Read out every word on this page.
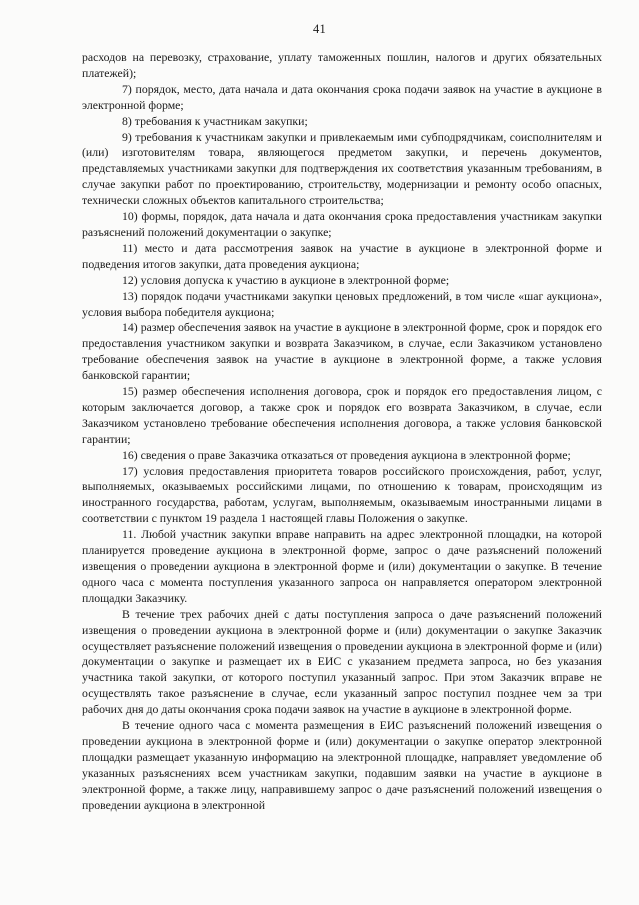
41

расходов на перевозку, страхование, уплату таможенных пошлин, налогов и других обязательных платежей);

7) порядок, место, дата начала и дата окончания срока подачи заявок на участие в аукционе в электронной форме;

8) требования к участникам закупки;

9) требования к участникам закупки и привлекаемым ими субподрядчикам, соисполнителям и (или) изготовителям товара, являющегося предметом закупки, и перечень документов, представляемых участниками закупки для подтверждения их соответствия указанным требованиям, в случае закупки работ по проектированию, строительству, модернизации и ремонту особо опасных, технически сложных объектов капитального строительства;

10) формы, порядок, дата начала и дата окончания срока предоставления участникам закупки разъяснений положений документации о закупке;

11) место и дата рассмотрения заявок на участие в аукционе в электронной форме и подведения итогов закупки, дата проведения аукциона;

12) условия допуска к участию в аукционе в электронной форме;

13) порядок подачи участниками закупки ценовых предложений, в том числе «шаг аукциона», условия выбора победителя аукциона;

14) размер обеспечения заявок на участие в аукционе в электронной форме, срок и порядок его предоставления участником закупки и возврата Заказчиком, в случае, если Заказчиком установлено требование обеспечения заявок на участие в аукционе в электронной форме, а также условия банковской гарантии;

15) размер обеспечения исполнения договора, срок и порядок его предоставления лицом, с которым заключается договор, а также срок и порядок его возврата Заказчиком, в случае, если Заказчиком установлено требование обеспечения исполнения договора, а также условия банковской гарантии;

16) сведения о праве Заказчика отказаться от проведения аукциона в электронной форме;

17) условия предоставления приоритета товаров российского происхождения, работ, услуг, выполняемых, оказываемых российскими лицами, по отношению к товарам, происходящим из иностранного государства, работам, услугам, выполняемым, оказываемым иностранными лицами в соответствии с пунктом 19 раздела 1 настоящей главы Положения о закупке.

11. Любой участник закупки вправе направить на адрес электронной площадки, на которой планируется проведение аукциона в электронной форме, запрос о даче разъяснений положений извещения о проведении аукциона в электронной форме и (или) документации о закупке. В течение одного часа с момента поступления указанного запроса он направляется оператором электронной площадки Заказчику.

В течение трех рабочих дней с даты поступления запроса о даче разъяснений положений извещения о проведении аукциона в электронной форме и (или) документации о закупке Заказчик осуществляет разъяснение положений извещения о проведении аукциона в электронной форме и (или) документации о закупке и размещает их в ЕИС с указанием предмета запроса, но без указания участника такой закупки, от которого поступил указанный запрос. При этом Заказчик вправе не осуществлять такое разъяснение в случае, если указанный запрос поступил позднее чем за три рабочих дня до даты окончания срока подачи заявок на участие в аукционе в электронной форме.

В течение одного часа с момента размещения в ЕИС разъяснений положений извещения о проведении аукциона в электронной форме и (или) документации о закупке оператор электронной площадки размещает указанную информацию на электронной площадке, направляет уведомление об указанных разъяснениях всем участникам закупки, подавшим заявки на участие в аукционе в электронной форме, а также лицу, направившему запрос о даче разъяснений положений извещения о проведении аукциона в электронной
